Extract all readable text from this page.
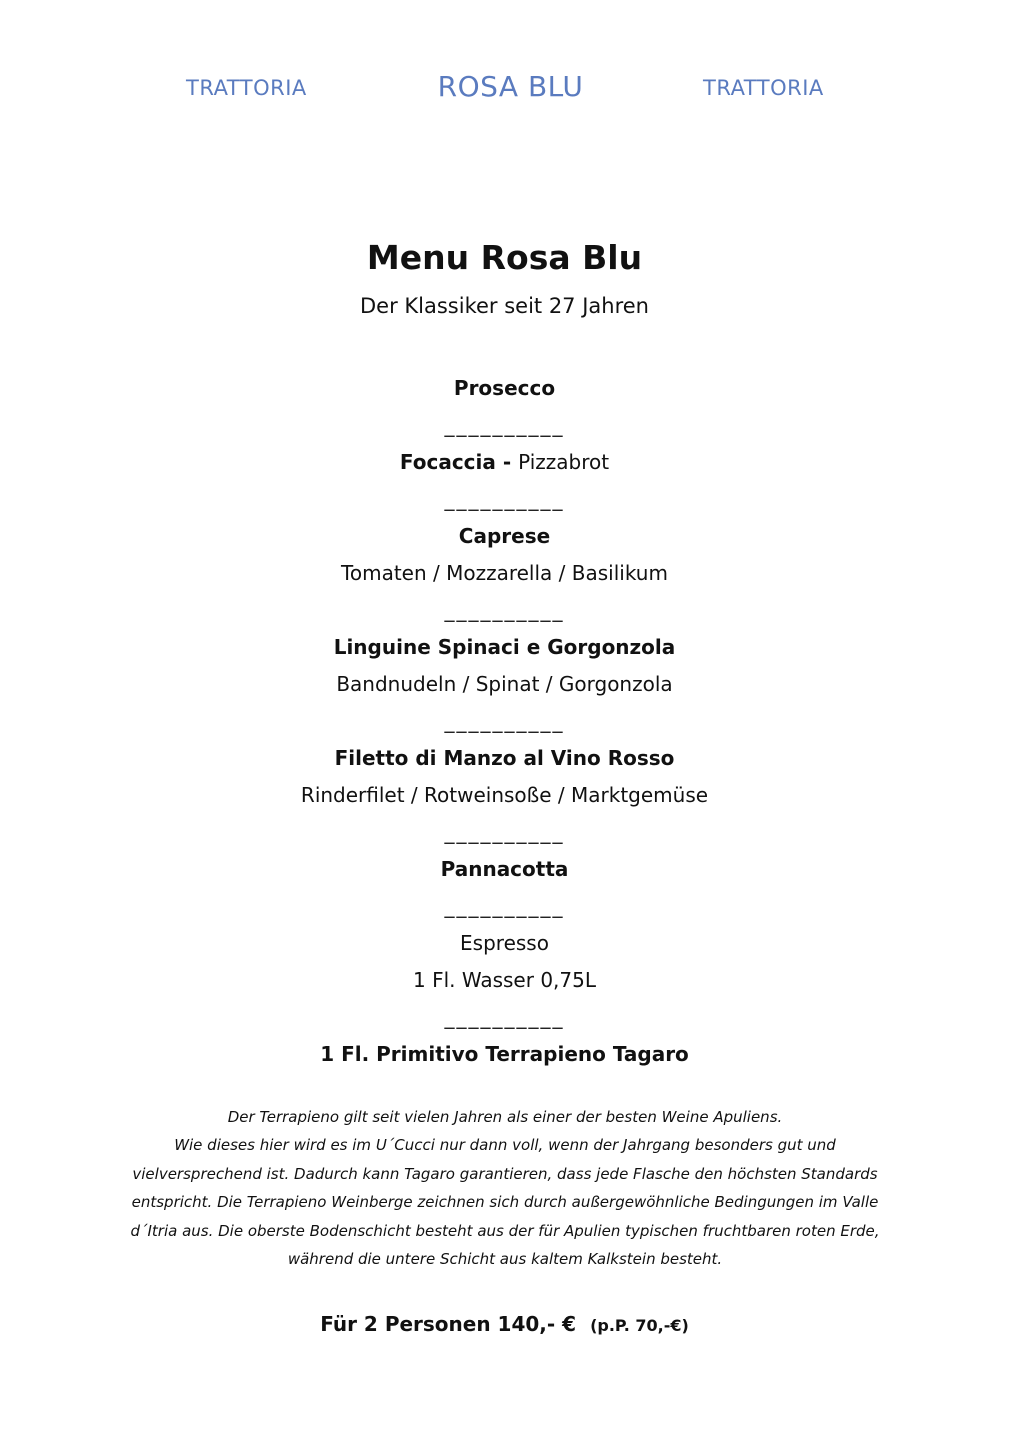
TRATTORIA	ROSA BLU	TRATTORIA
Menu Rosa Blu
Der Klassiker seit 27 Jahren
Prosecco
__________
Focaccia - Pizzabrot
__________
Caprese
Tomaten / Mozzarella / Basilikum
__________
Linguine Spinaci e Gorgonzola
Bandnudeln / Spinat / Gorgonzola
__________
Filetto di Manzo al Vino Rosso
Rinderfilet / Rotweinsoße / Marktgemüse
__________
Pannacotta
__________
Espresso
1 Fl. Wasser 0,75L
__________
1 Fl. Primitivo Terrapieno Tagaro
Der Terrapieno gilt seit vielen Jahren als einer der besten Weine Apuliens.
Wie dieses hier wird es im U´Cucci nur dann voll, wenn der Jahrgang besonders gut und
vielversprechend ist. Dadurch kann Tagaro garantieren, dass jede Flasche den höchsten Standards
entspricht. Die Terrapieno Weinberge zeichnen sich durch außergewöhnliche Bedingungen im Valle
d´Itria aus. Die oberste Bodenschicht besteht aus der für Apulien typischen fruchtbaren roten Erde,
während die untere Schicht aus kaltem Kalkstein besteht.
Für 2 Personen 140,- € (p.P. 70,-€)
